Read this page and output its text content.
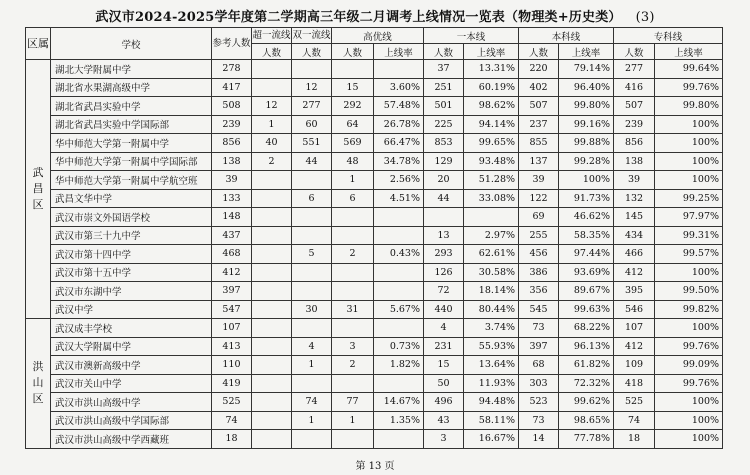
武汉市2024-2025学年度第二学期高三年级二月调考上线情况一览表（物理类+历史类） (3)
区属	学校	参考人数	超一流线	双一流线	高优线		一本线		本科线		专科线	
			人数	人数	人数	上线率	人数	上线率	人数	上线率	人数	上线率
武
昌
区	湖北大学附属中学	278					37	13.31%	220	79.14%	277	99.64%
	湖北省水果湖高级中学	417		12	15	3.60%	251	60.19%	402	96.40%	416	99.76%
	湖北省武昌实验中学	508	12	277	292	57.48%	501	98.62%	507	99.80%	507	99.80%
	湖北省武昌实验中学国际部	239	1	60	64	26.78%	225	94.14%	237	99.16%	239	100%
	华中师范大学第一附属中学	856	40	551	569	66.47%	853	99.65%	855	99.88%	856	100%
	华中师范大学第一附属中学国际部	138	2	44	48	34.78%	129	93.48%	137	99.28%	138	100%
	华中师范大学第一附属中学航空班	39			1	2.56%	20	51.28%	39	100%	39	100%
	武昌文华中学	133		6	6	4.51%	44	33.08%	122	91.73%	132	99.25%
	武汉市崇文外国语学校	148							69	46.62%	145	97.97%
	武汉市第三十九中学	437					13	2.97%	255	58.35%	434	99.31%
	武汉市第十四中学	468		5	2	0.43%	293	62.61%	456	97.44%	466	99.57%
	武汉市第十五中学	412					126	30.58%	386	93.69%	412	100%
	武汉市东湖中学	397					72	18.14%	356	89.67%	395	99.50%
	武汉中学	547		30	31	5.67%	440	80.44%	545	99.63%	546	99.82%
洪
山
区	武汉成丰学校	107					4	3.74%	73	68.22%	107	100%
	武汉大学附属中学	413		4	3	0.73%	231	55.93%	397	96.13%	412	99.76%
	武汉市澳新高级中学	110		1	2	1.82%	15	13.64%	68	61.82%	109	99.09%
	武汉市关山中学	419					50	11.93%	303	72.32%	418	99.76%
	武汉市洪山高级中学	525		74	77	14.67%	496	94.48%	523	99.62%	525	100%
	武汉市洪山高级中学国际部	74		1	1	1.35%	43	58.11%	73	98.65%	74	100%
	武汉市洪山高级中学西藏班	18					3	16.67%	14	77.78%	18	100%
第 13 页
